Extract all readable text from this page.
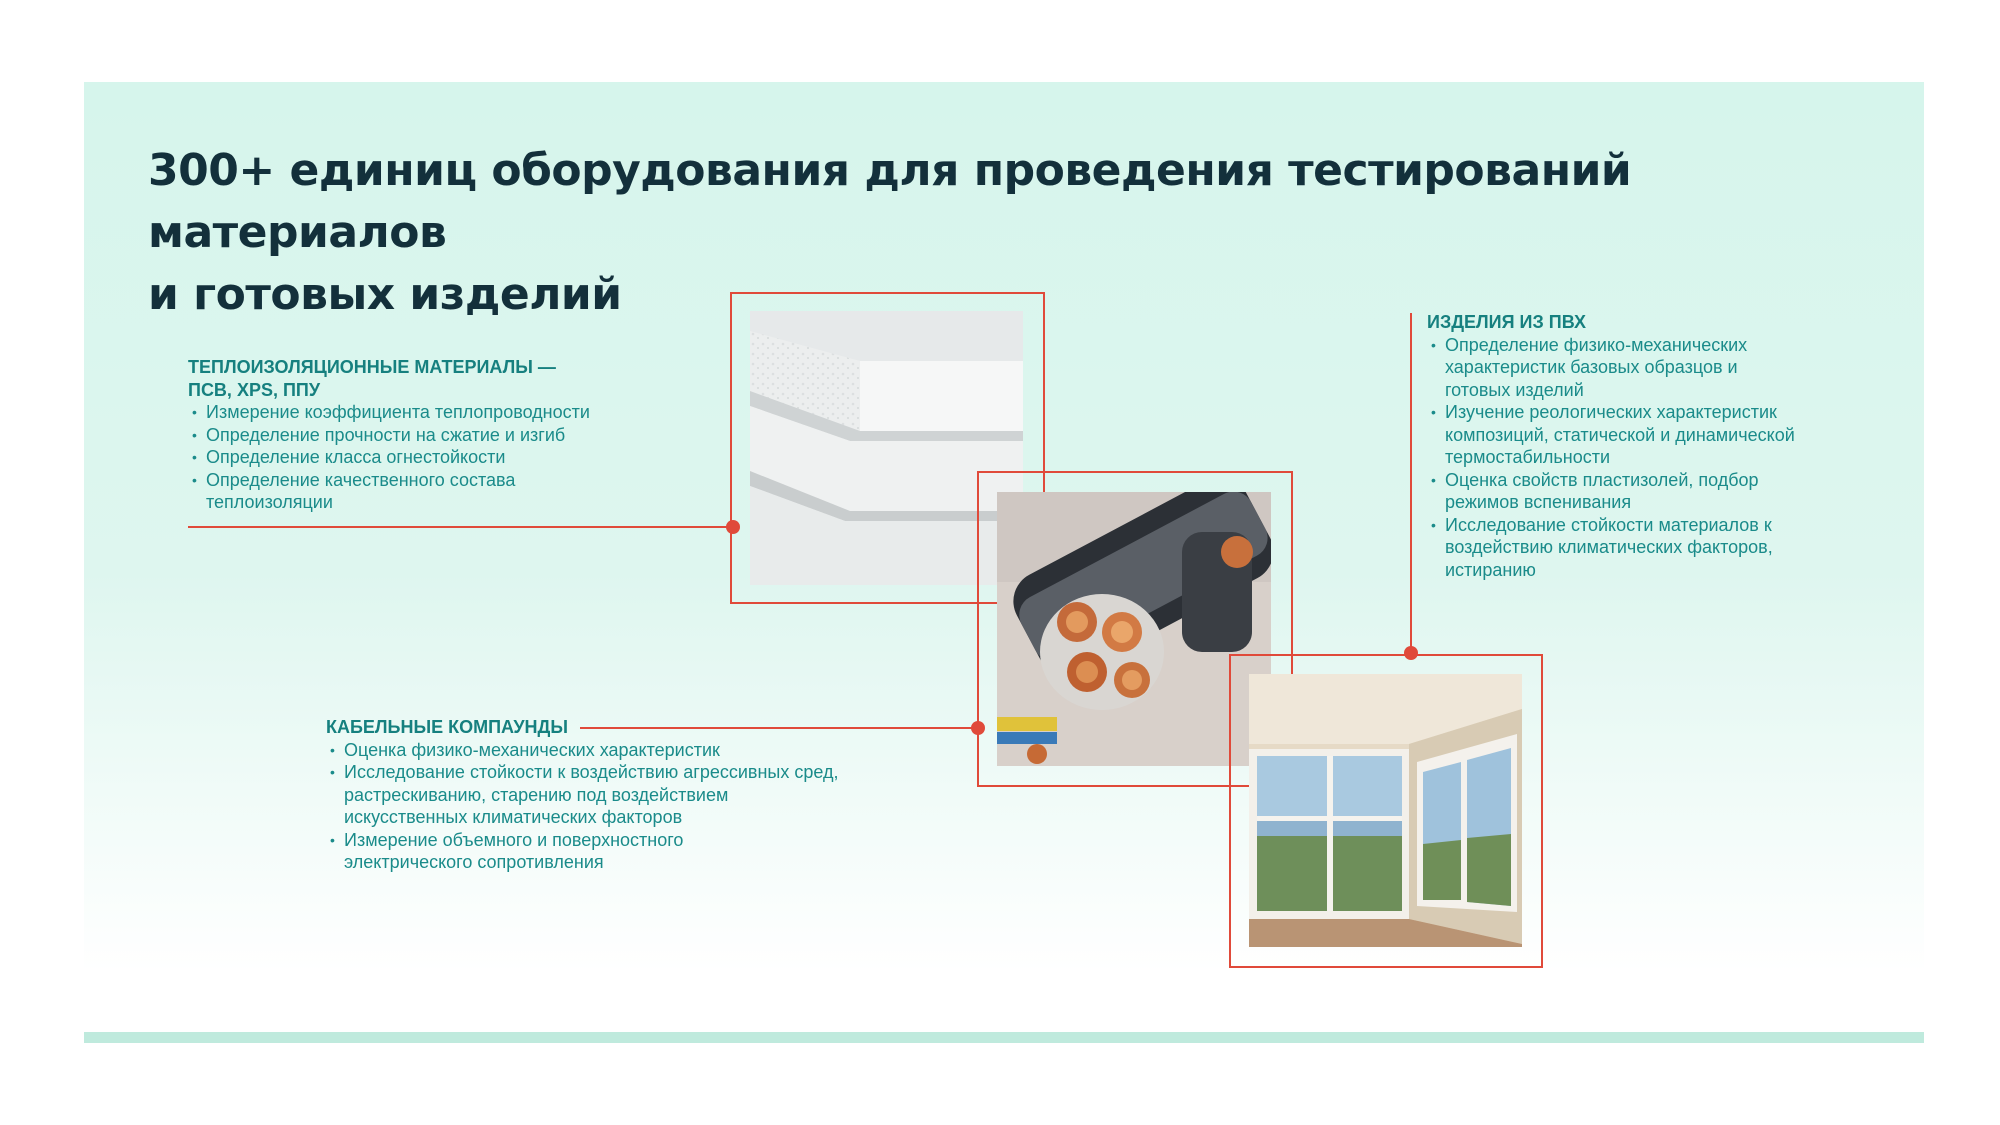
300+ единиц оборудования для проведения тестирований материалов
и готовых изделий
ТЕПЛОИЗОЛЯЦИОННЫЕ МАТЕРИАЛЫ —
ПСВ, XPS, ППУ
• Измерение коэффициента теплопроводности
• Определение прочности на сжатие и изгиб
• Определение класса огнестойкости
• Определение качественного состава теплоизоляции
КАБЕЛЬНЫЕ КОМПАУНДЫ
• Оценка физико-механических характеристик
• Исследование стойкости к воздействию агрессивных сред, растрескиванию, старению под воздействием искусственных климатических факторов
• Измерение объемного и поверхностного электрического сопротивления
ИЗДЕЛИЯ ИЗ ПВХ
• Определение физико-механических характеристик базовых образцов и готовых изделий
• Изучение реологических характеристик композиций, статической и динамической термостабильности
• Оценка свойств пластизолей, подбор режимов вспенивания
• Исследование стойкости материалов к воздействию климатических факторов, истиранию
